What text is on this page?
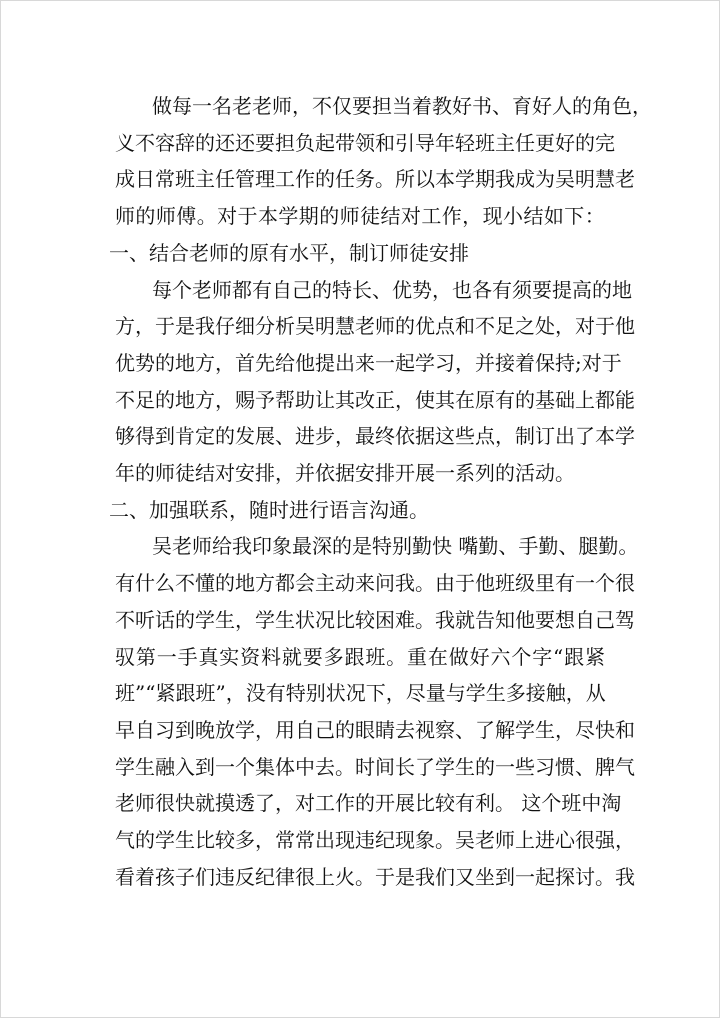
做 每 一 名 老 老 师 ， 不 仅 要 担 当 着 教 好 书 、 育 好 人 的 角 色 ，
义 不 容 辞 的 还 还 要 担 负 起 带 领 和 引 导 年 轻 班 主 任 更 好 的 完
成 日 常 班 主 任 管 理 工 作 的 任 务 。 所 以 本 学 期 我 成 为 吴 明 慧 老
师 的 师 傅 。 对 于 本 学 期 的 师 徒 结 对 工 作 ， 现 小 结 如 下 ：
一、结合老师的原有水平，制订师徒安排
每 个 老 师 都 有 自 己 的 特 长 、 优 势 ， 也 各 有 须 要 提 高 的 地
方 ， 于 是 我 仔 细 分 析 吴 明 慧 老 师 的 优 点 和 不 足 之 处 ， 对 于 他
优 势 的 地 方 ， 首 先 给 他 提 出 来 一 起 学 习 ， 并 接 着 保 持 ; 对 于
不 足 的 地 方 ， 赐 予 帮 助 让 其 改 正 ， 使 其 在 原 有 的 基 础 上 都 能
够 得 到 肯 定 的 发 展 、 进 步 ， 最 终 依 据 这 些 点 ， 制 订 出 了 本 学
年的师徒结对安排，并依据安排开展一系列的活动。
二、加强联系，随时进行语言沟通。
吴 老 师 给 我 印 象 最 深 的 是 特 别 勤 快
嘴 勤 、 手 勤 、 腿 勤 。
有 什 么 不 懂 的 地 方 都 会 主 动 来 问 我 。 由 于 他 班 级 里 有 一 个 很
不 听 话 的 学 生 ， 学 生 状 况 比 较 困 难 。 我 就 告 知 他 要 想 自 己 驾
驭 第 一 手 真 实 资 料 就 要 多 跟 班 。 重 在 做 好 六 个 字 “ 跟 紧
班 ” “ 紧 跟 班 ” ， 没 有 特 别 状 况 下 ， 尽 量 与 学 生 多 接 触 ， 从
早 自 习 到 晚 放 学 ， 用 自 己 的 眼 睛 去 视 察 、 了 解 学 生 ， 尽 快 和
学 生 融 入 到 一 个 集 体 中 去 。 时 间 长 了 学 生 的 一 些 习 惯 、 脾 气
老 师 很 快 就 摸 透 了 ， 对 工 作 的 开 展 比 较 有 利 。
这 个 班 中 淘
气 的 学 生 比 较 多 ， 常 常 出 现 违 纪 现 象 。 吴 老 师 上 进 心 很 强 ，
看 着 孩 子 们 违 反 纪 律 很 上 火 。 于 是 我 们 又 坐 到 一 起 探 讨 。 我
